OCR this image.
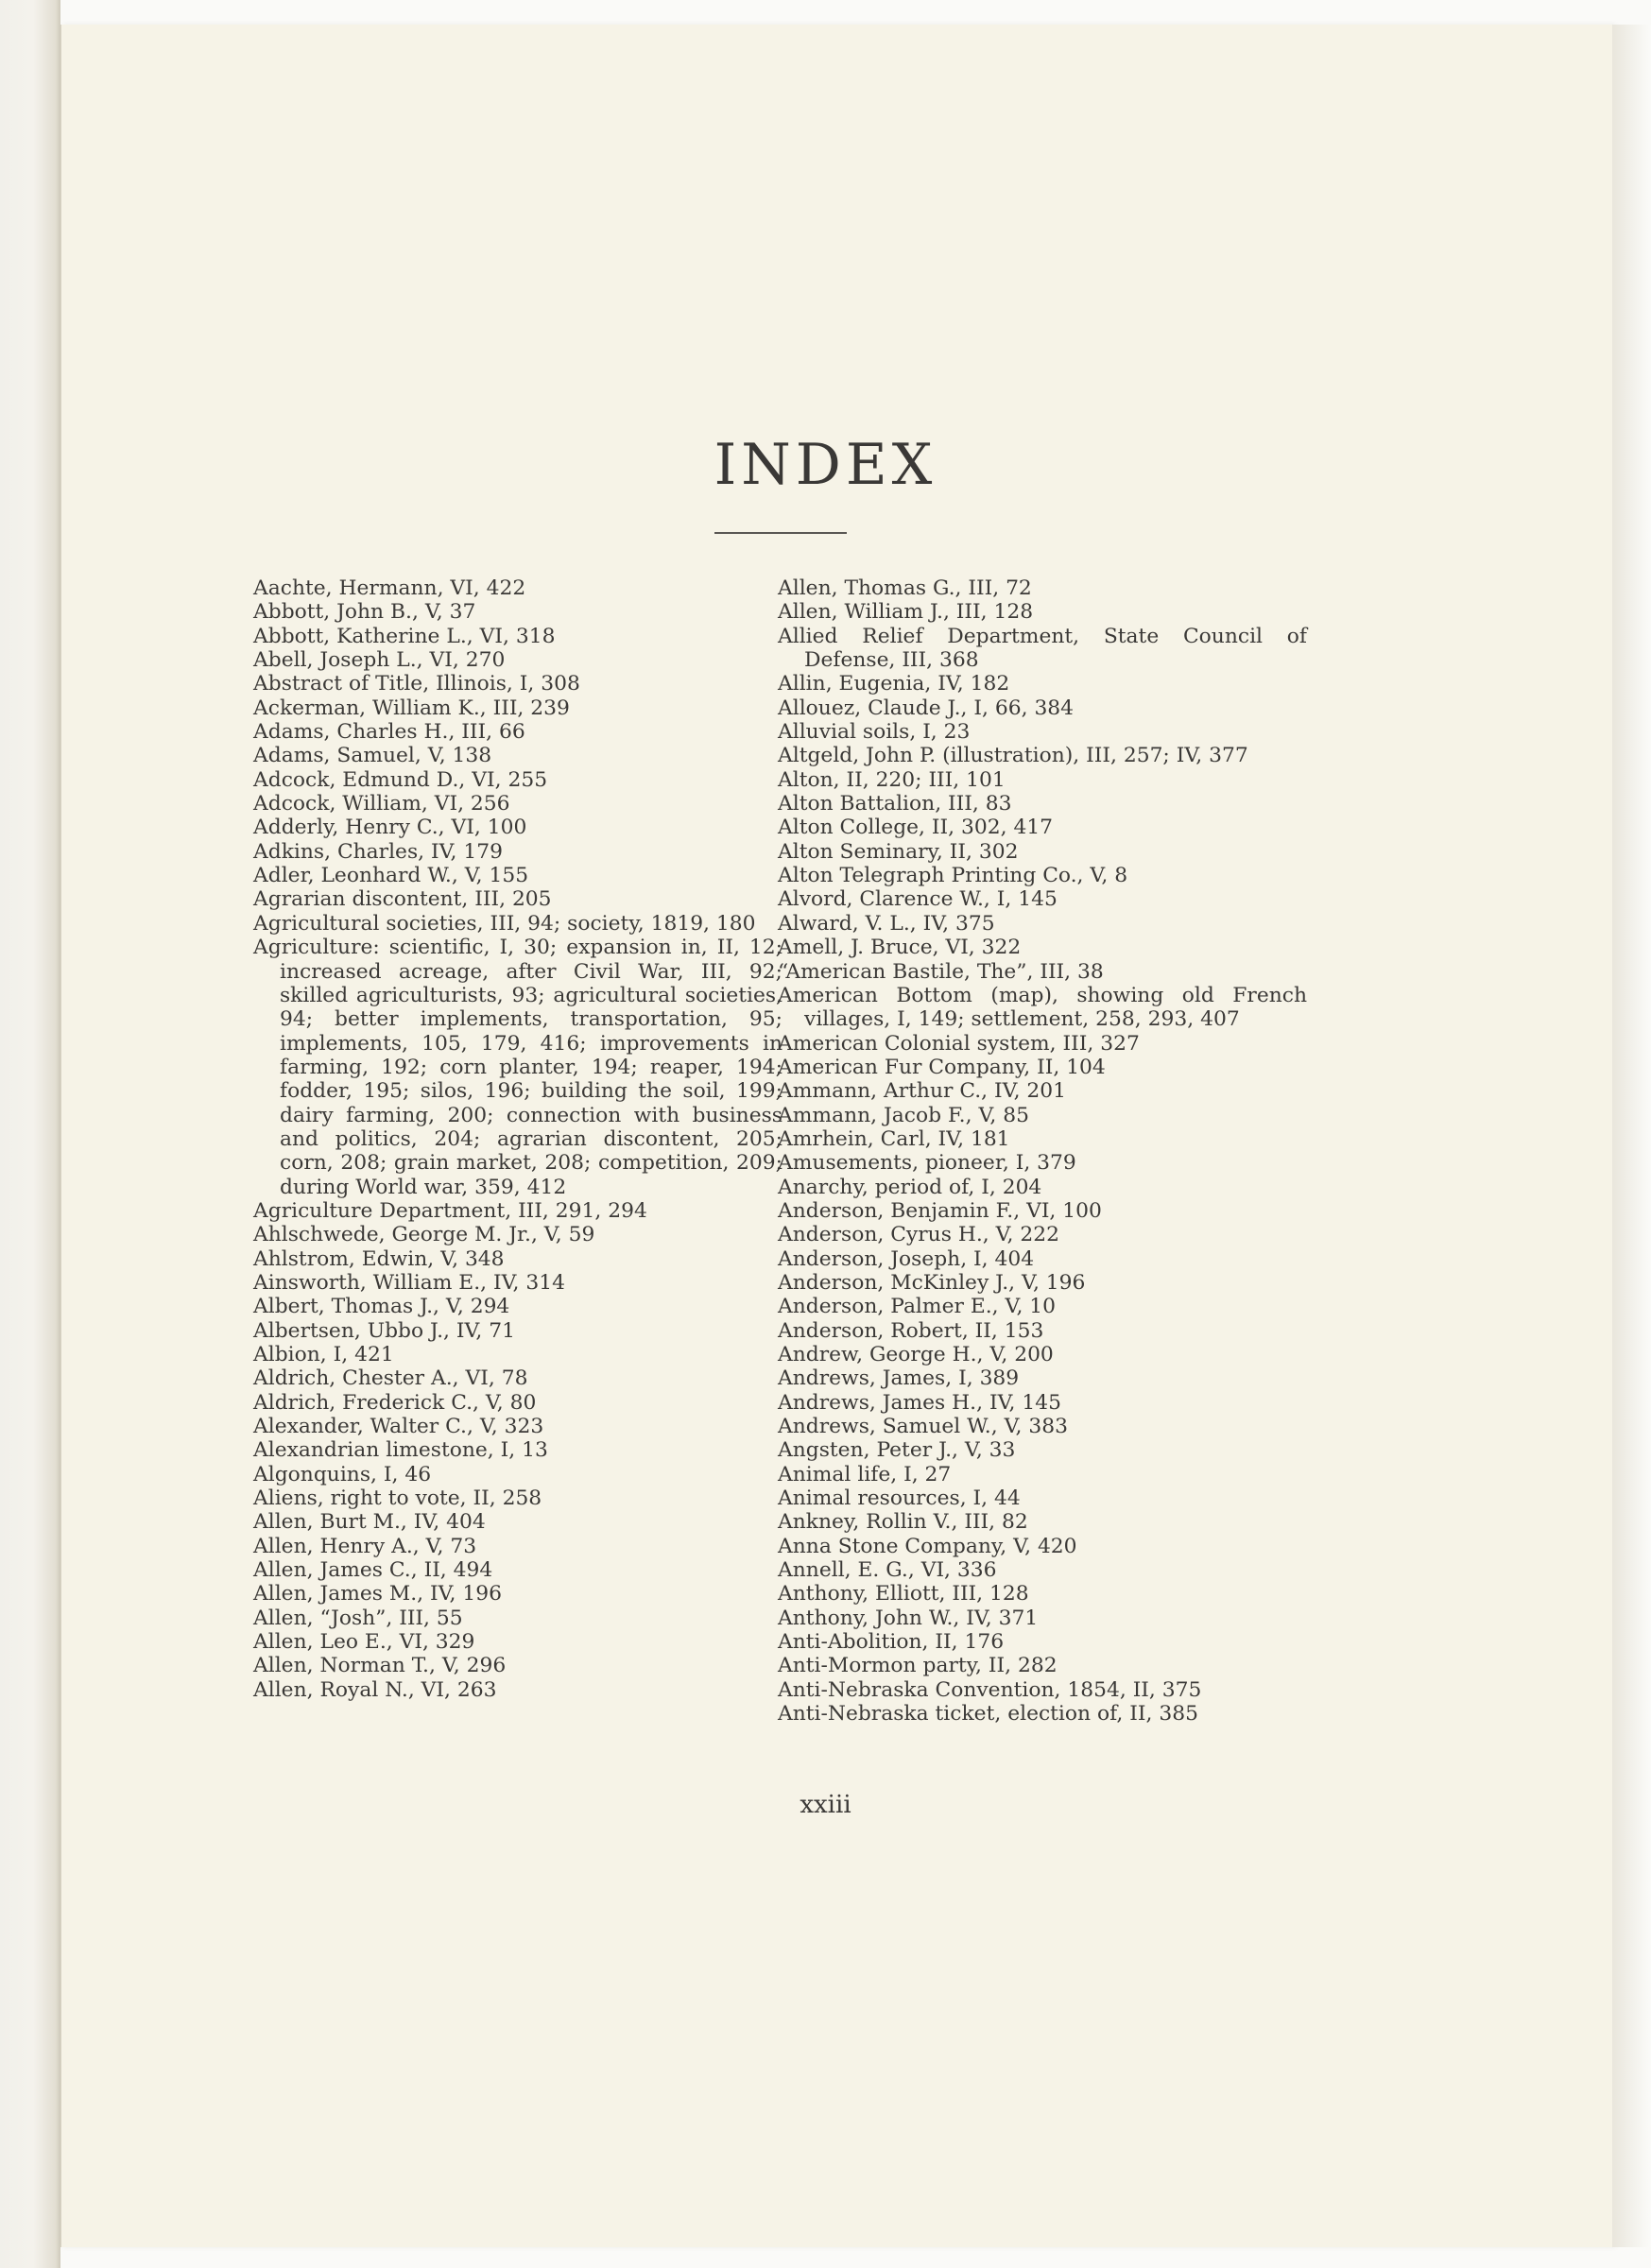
INDEX
Aachte, Hermann, VI, 422
Abbott, John B., V, 37
Abbott, Katherine L., VI, 318
Abell, Joseph L., VI, 270
Abstract of Title, Illinois, I, 308
Ackerman, William K., III, 239
Adams, Charles H., III, 66
Adams, Samuel, V, 138
Adcock, Edmund D., VI, 255
Adcock, William, VI, 256
Adderly, Henry C., VI, 100
Adkins, Charles, IV, 179
Adler, Leonhard W., V, 155
Agrarian discontent, III, 205
Agricultural societies, III, 94; society, 1819, 180
Agriculture: scientific, I, 30; expansion in, II, 12; increased acreage, after Civil War, III, 92; skilled agriculturists, 93; agricultural societies, 94; better implements, transportation, 95; implements, 105, 179, 416; improvements in farming, 192; corn planter, 194; reaper, 194; fodder, 195; silos, 196; building the soil, 199; dairy farming, 200; connection with business and politics, 204; agrarian discontent, 205; corn, 208; grain market, 208; competition, 209; during World war, 359, 412
Agriculture Department, III, 291, 294
Ahlschwede, George M. Jr., V, 59
Ahlstrom, Edwin, V, 348
Ainsworth, William E., IV, 314
Albert, Thomas J., V, 294
Albertsen, Ubbo J., IV, 71
Albion, I, 421
Aldrich, Chester A., VI, 78
Aldrich, Frederick C., V, 80
Alexander, Walter C., V, 323
Alexandrian limestone, I, 13
Algonquins, I, 46
Aliens, right to vote, II, 258
Allen, Burt M., IV, 404
Allen, Henry A., V, 73
Allen, James C., II, 494
Allen, James M., IV, 196
Allen, “Josh”, III, 55
Allen, Leo E., VI, 329
Allen, Norman T., V, 296
Allen, Royal N., VI, 263
Allen, Thomas G., III, 72
Allen, William J., III, 128
Allied Relief Department, State Council of Defense, III, 368
Allin, Eugenia, IV, 182
Allouez, Claude J., I, 66, 384
Alluvial soils, I, 23
Altgeld, John P. (illustration), III, 257; IV, 377
Alton, II, 220; III, 101
Alton Battalion, III, 83
Alton College, II, 302, 417
Alton Seminary, II, 302
Alton Telegraph Printing Co., V, 8
Alvord, Clarence W., I, 145
Alward, V. L., IV, 375
Amell, J. Bruce, VI, 322
“American Bastile, The”, III, 38
American Bottom (map), showing old French villages, I, 149; settlement, 258, 293, 407
American Colonial system, III, 327
American Fur Company, II, 104
Ammann, Arthur C., IV, 201
Ammann, Jacob F., V, 85
Amrhein, Carl, IV, 181
Amusements, pioneer, I, 379
Anarchy, period of, I, 204
Anderson, Benjamin F., VI, 100
Anderson, Cyrus H., V, 222
Anderson, Joseph, I, 404
Anderson, McKinley J., V, 196
Anderson, Palmer E., V, 10
Anderson, Robert, II, 153
Andrew, George H., V, 200
Andrews, James, I, 389
Andrews, James H., IV, 145
Andrews, Samuel W., V, 383
Angsten, Peter J., V, 33
Animal life, I, 27
Animal resources, I, 44
Ankney, Rollin V., III, 82
Anna Stone Company, V, 420
Annell, E. G., VI, 336
Anthony, Elliott, III, 128
Anthony, John W., IV, 371
Anti-Abolition, II, 176
Anti-Mormon party, II, 282
Anti-Nebraska Convention, 1854, II, 375
Anti-Nebraska ticket, election of, II, 385
xxiii
